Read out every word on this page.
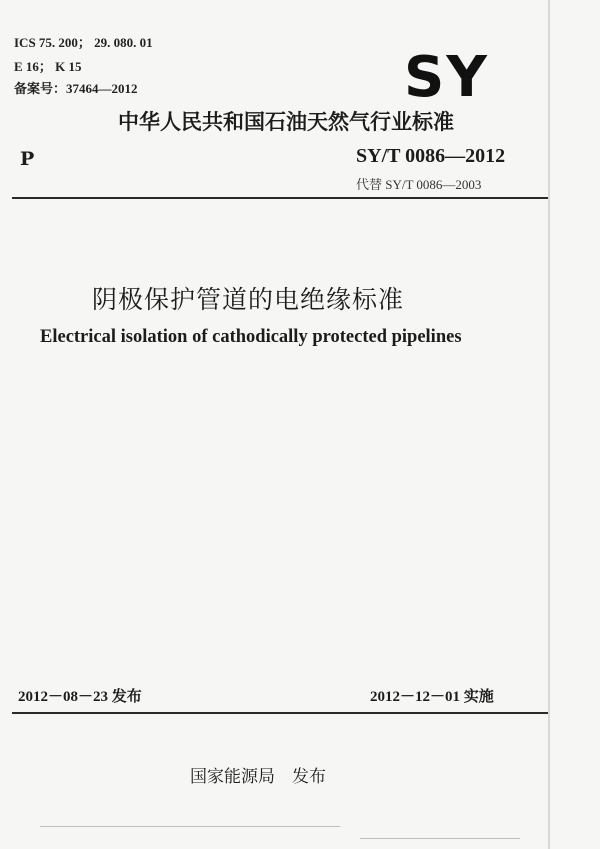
ICS 75. 200； 29. 080. 01
E 16； K 15
备案号：37464—2012	SY
中华人民共和国石油天然气行业标准
P	SY/T 0086—2012
代替 SY/T 0086—2003
阴极保护管道的电绝缘标准
Electrical isolation of cathodically protected pipelines
2012－08－23 发布	2012－12－01 实施
国家能源局　发布
